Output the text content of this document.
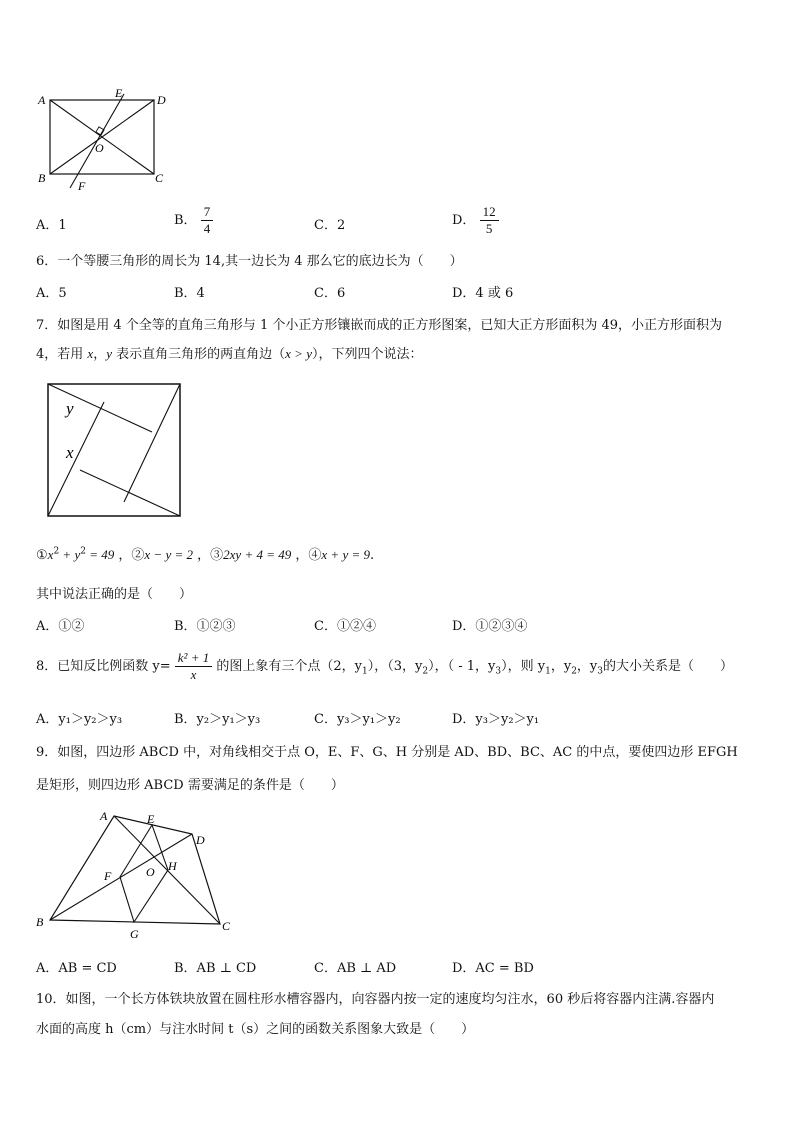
A	D
B	C
E
F
O
A．1	B． $\frac{7}{4}$	C．2	D． $\frac{12}{5}$
6．一个等腰三角形的周长为 14,其一边长为 4 那么它的底边长为（　　）
A．5	B．4	C．6	D．4 或 6
7．如图是用 4 个全等的直角三角形与 1 个小正方形镶嵌而成的正方形图案，已知大正方形面积为 49，小正方形面积为
4，若用 x，y 表示直角三角形的两直角边（x > y），下列四个说法：
y
x
$①x^2 + y^2 = 49$ ，②x − y = 2 ，③2xy + 4 = 49 ，④x + y = 9.
其中说法正确的是（　　）
A．①②	B．①②③	C．①②④	D．①②③④
8．已知反比例函数 $y= \frac{\text{k² + 1}}{x}$ 的图上象有三个点（2，$y_1$），（3，$y_2$），（ - 1，$y_3$），则 $y_1$，$y_2$，$y_3$的大小关系是（　　）
A．y₁＞y₂＞y₃	B．y₂＞y₁＞y₃	C．y₃＞y₁＞y₂	D．y₃＞y₂＞y₁
9．如图，四边形 ABCD 中，对角线相交于点 O，E、F、G、H 分别是 AD、BD、BC、AC 的中点，要使四边形 EFGH
是矩形，则四边形 ABCD 需要满足的条件是（　　）
A	E
D
F	O H
B
G
C
A．AB = CD	B．AB ⊥ CD	C．AB ⊥ AD	D．AC = BD
10．如图，一个长方体铁块放置在圆柱形水槽容器内，向容器内按一定的速度均匀注水，60 秒后将容器内注满.容器内
水面的高度 h（cm）与注水时间 t（s）之间的函数关系图象大致是（　　）
